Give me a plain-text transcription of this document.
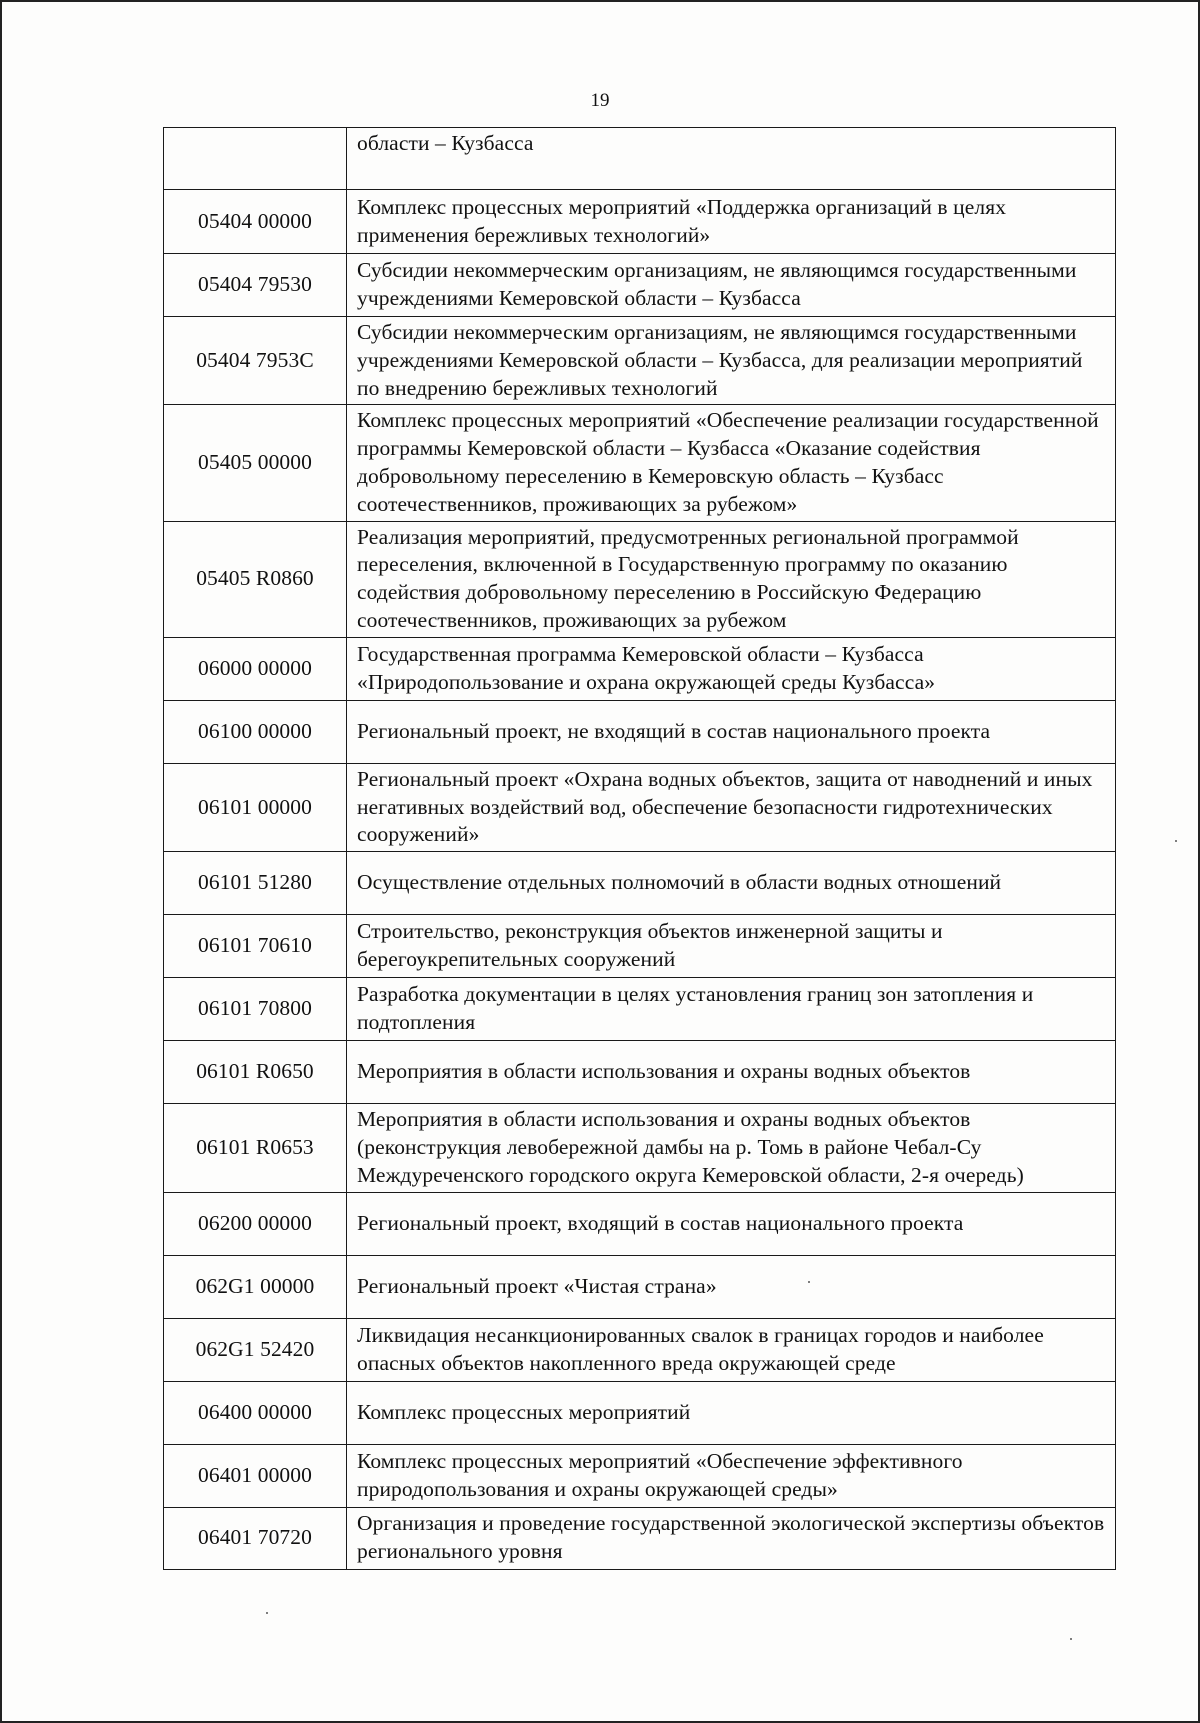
19
	области – Кузбасса
05404 00000	Комплекс процессных мероприятий «Поддержка организаций в целях применения бережливых технологий»
05404 79530	Субсидии некоммерческим организациям, не являющимся государственными учреждениями Кемеровской области – Кузбасса
05404 7953С	Субсидии некоммерческим организациям, не являющимся государственными учреждениями Кемеровской области – Кузбасса, для реализации мероприятий по внедрению бережливых технологий
05405 00000	Комплекс процессных мероприятий «Обеспечение реализации государственной программы Кемеровской области – Кузбасса «Оказание содействия добровольному переселению в Кемеровскую область – Кузбасс соотечественников, проживающих за рубежом»
05405 R0860	Реализация мероприятий, предусмотренных региональной программой переселения, включенной в Государственную программу по оказанию содействия добровольному переселению в Российскую Федерацию соотечественников, проживающих за рубежом
06000 00000	Государственная программа Кемеровской области – Кузбасса «Природопользование и охрана окружающей среды Кузбасса»
06100 00000	Региональный проект, не входящий в состав национального проекта
06101 00000	Региональный проект «Охрана водных объектов, защита от наводнений и иных негативных воздействий вод, обеспечение безопасности гидротехнических сооружений»
06101 51280	Осуществление отдельных полномочий в области водных отношений
06101 70610	Строительство, реконструкция объектов инженерной защиты и берегоукрепительных сооружений
06101 70800	Разработка документации в целях установления границ зон затопления и подтопления
06101 R0650	Мероприятия в области использования и охраны водных объектов
06101 R0653	Мероприятия в области использования и охраны водных объектов (реконструкция левобережной дамбы на р. Томь в районе Чебал-Су Междуреченского городского округа Кемеровской области, 2-я очередь)
06200 00000	Региональный проект, входящий в состав национального проекта
062G1 00000	Региональный проект «Чистая страна»
062G1 52420	Ликвидация несанкционированных свалок в границах городов и наиболее опасных объектов накопленного вреда окружающей среде
06400 00000	Комплекс процессных мероприятий
06401 00000	Комплекс процессных мероприятий «Обеспечение эффективного природопользования и охраны окружающей среды»
06401 70720	Организация и проведение государственной экологической экспертизы объектов регионального уровня
